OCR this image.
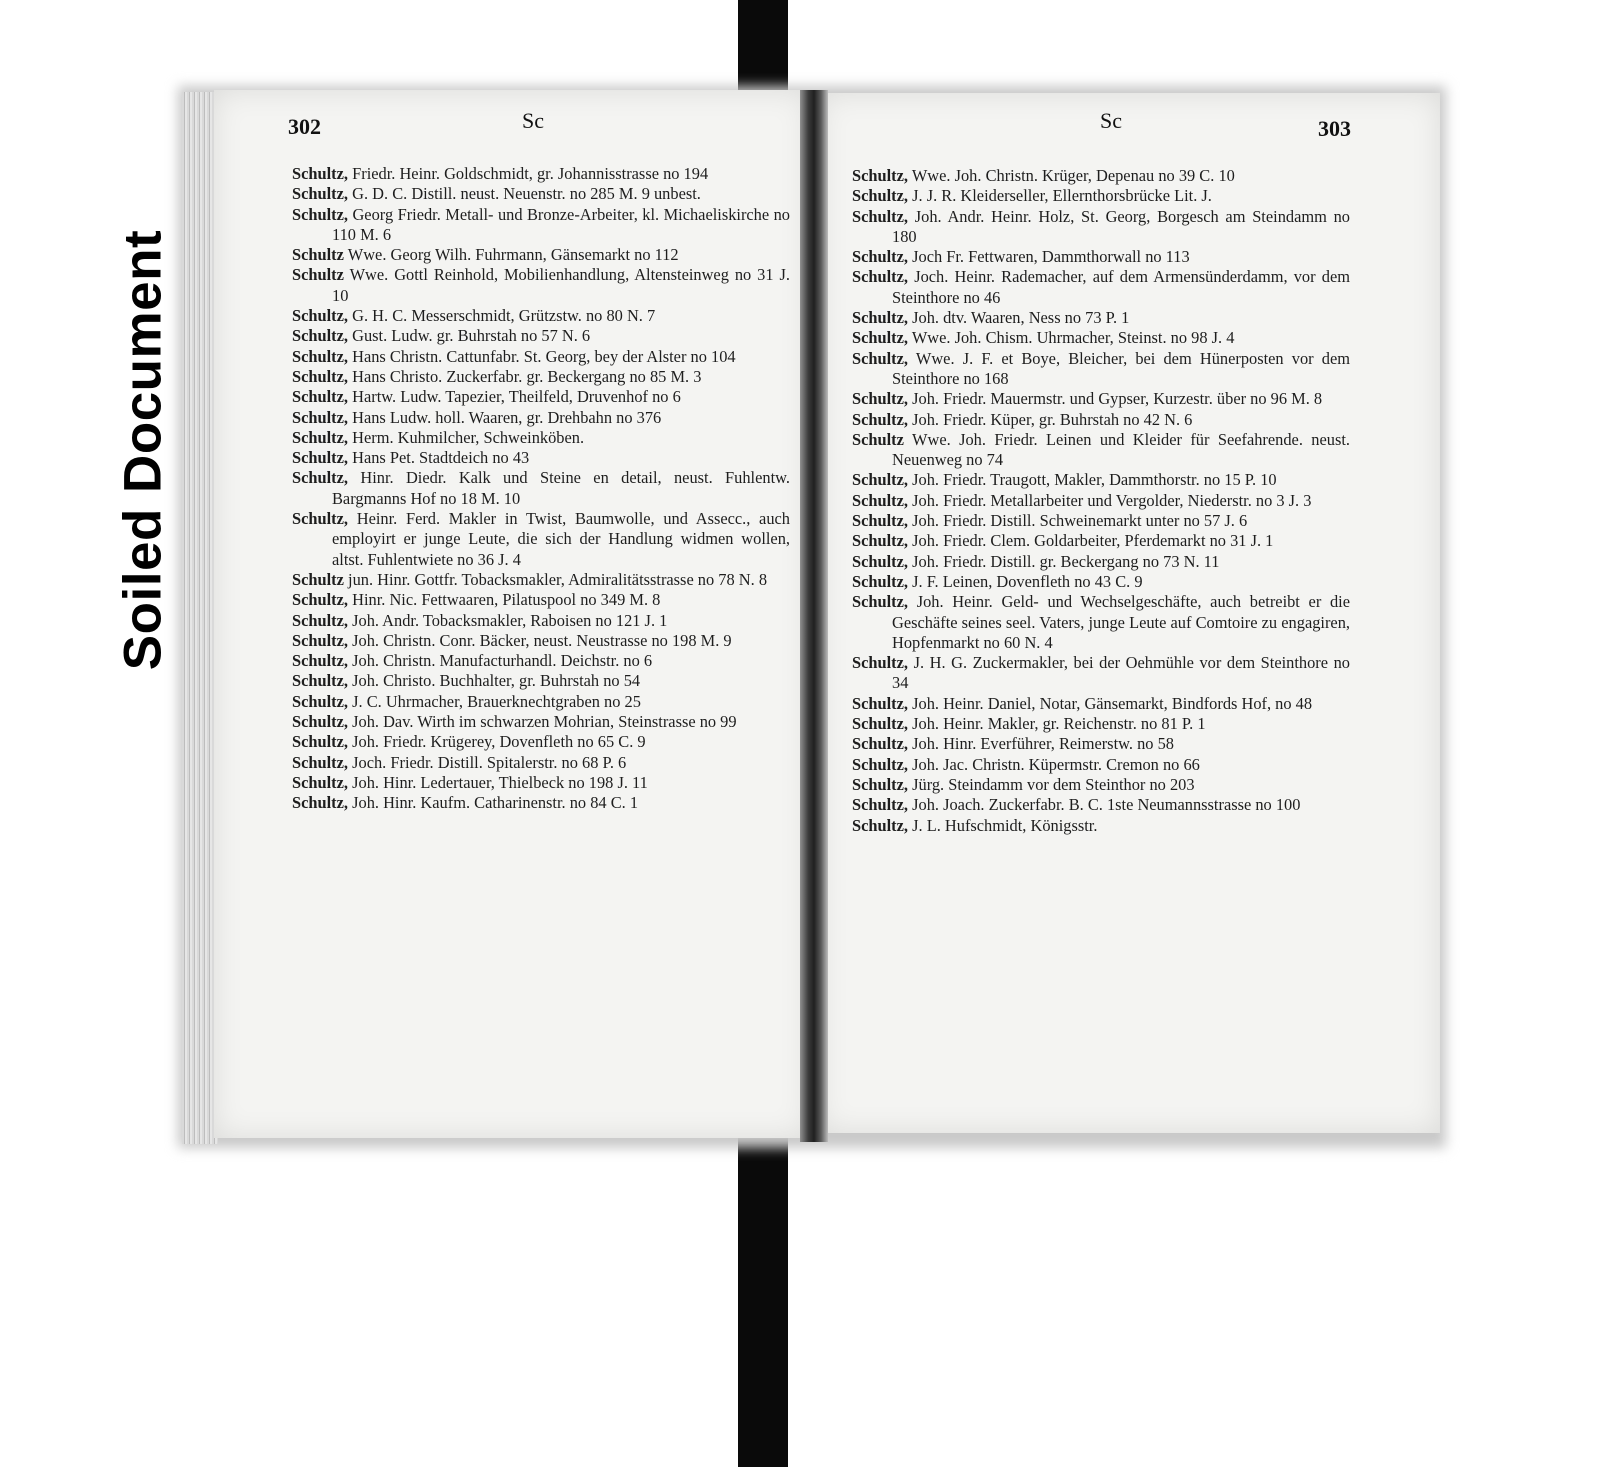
Soiled Document
302	Sc	Sc	303

Schultz, Friedr. Heinr. Goldschmidt, gr. Johannisstrasse no 194

Schultz, G. D. C. Distill. neust. Neuenstr. no 285 M. 9 unbest.

Schultz, Georg Friedr. Metall- und Bronze-Arbeiter, kl. Michaeliskirche no 110 M. 6

Schultz Wwe. Georg Wilh. Fuhrmann, Gänsemarkt no 112

Schultz Wwe. Gottl Reinhold, Mobilienhandlung, Altensteinweg no 31 J. 10

Schultz, G. H. C. Messerschmidt, Grützstw. no 80 N. 7

Schultz, Gust. Ludw. gr. Buhrstah no 57 N. 6

Schultz, Hans Christn. Cattunfabr. St. Georg, bey der Alster no 104

Schultz, Hans Christo. Zuckerfabr. gr. Beckergang no 85 M. 3

Schultz, Hartw. Ludw. Tapezier, Theilfeld, Druvenhof no 6

Schultz, Hans Ludw. holl. Waaren, gr. Drehbahn no 376

Schultz, Herm. Kuhmilcher, Schweinköben.

Schultz, Hans Pet. Stadtdeich no 43

Schultz, Hinr. Diedr. Kalk und Steine en detail, neust. Fuhlentw. Bargmanns Hof no 18 M. 10

Schultz, Heinr. Ferd. Makler in Twist, Baumwolle, und Assecc., auch employirt er junge Leute, die sich der Handlung widmen wollen, altst. Fuhlentwiete no 36 J. 4

Schultz jun. Hinr. Gottfr. Tobacksmakler, Admiralitätsstrasse no 78 N. 8

Schultz, Hinr. Nic. Fettwaaren, Pilatuspool no 349 M. 8

Schultz, Joh. Andr. Tobacksmakler, Raboisen no 121 J. 1

Schultz, Joh. Christn. Conr. Bäcker, neust. Neustrasse no 198 M. 9

Schultz, Joh. Christn. Manufacturhandl. Deichstr. no 6

Schultz, Joh. Christo. Buchhalter, gr. Buhrstah no 54

Schultz, J. C. Uhrmacher, Brauerknechtgraben no 25

Schultz, Joh. Dav. Wirth im schwarzen Mohrian, Steinstrasse no 99

Schultz, Joh. Friedr. Krügerey, Dovenfleth no 65 C. 9

Schultz, Joch. Friedr. Distill. Spitalerstr. no 68 P. 6

Schultz, Joh. Hinr. Ledertauer, Thielbeck no 198 J. 11

Schultz, Joh. Hinr. Kaufm. Catharinenstr. no 84 C. 1

Schultz, Wwe. Joh. Christn. Krüger, Depenau no 39 C. 10

Schultz, J. J. R. Kleiderseller, Ellernthorsbrücke Lit. J.

Schultz, Joh. Andr. Heinr. Holz, St. Georg, Borgesch am Steindamm no 180

Schultz, Joch Fr. Fettwaren, Dammthorwall no 113

Schultz, Joch. Heinr. Rademacher, auf dem Armensünderdamm, vor dem Steinthore no 46

Schultz, Joh. dtv. Waaren, Ness no 73 P. 1

Schultz, Wwe. Joh. Chism. Uhrmacher, Steinst. no 98 J. 4

Schultz, Wwe. J. F. et Boye, Bleicher, bei dem Hünerposten vor dem Steinthore no 168

Schultz, Joh. Friedr. Mauermstr. und Gypser, Kurzestr. über no 96 M. 8

Schultz, Joh. Friedr. Küper, gr. Buhrstah no 42 N. 6

Schultz Wwe. Joh. Friedr. Leinen und Kleider für Seefahrende. neust. Neuenweg no 74

Schultz, Joh. Friedr. Traugott, Makler, Dammthorstr. no 15 P. 10

Schultz, Joh. Friedr. Metallarbeiter und Vergolder, Niederstr. no 3 J. 3

Schultz, Joh. Friedr. Distill. Schweinemarkt unter no 57 J. 6

Schultz, Joh. Friedr. Clem. Goldarbeiter, Pferdemarkt no 31 J. 1

Schultz, Joh. Friedr. Distill. gr. Beckergang no 73 N. 11

Schultz, J. F. Leinen, Dovenfleth no 43 C. 9

Schultz, Joh. Heinr. Geld- und Wechselgeschäfte, auch betreibt er die Geschäfte seines seel. Vaters, junge Leute auf Comtoire zu engagiren, Hopfenmarkt no 60 N. 4

Schultz, J. H. G. Zuckermakler, bei der Oehmühle vor dem Steinthore no 34

Schultz, Joh. Heinr. Daniel, Notar, Gänsemarkt, Bindfords Hof, no 48

Schultz, Joh. Heinr. Makler, gr. Reichenstr. no 81 P. 1

Schultz, Joh. Hinr. Everführer, Reimerstw. no 58

Schultz, Joh. Jac. Christn. Küpermstr. Cremon no 66

Schultz, Jürg. Steindamm vor dem Steinthor no 203

Schultz, Joh. Joach. Zuckerfabr. B. C. 1ste Neumannsstrasse no 100

Schultz, J. L. Hufschmidt, Königsstr.
